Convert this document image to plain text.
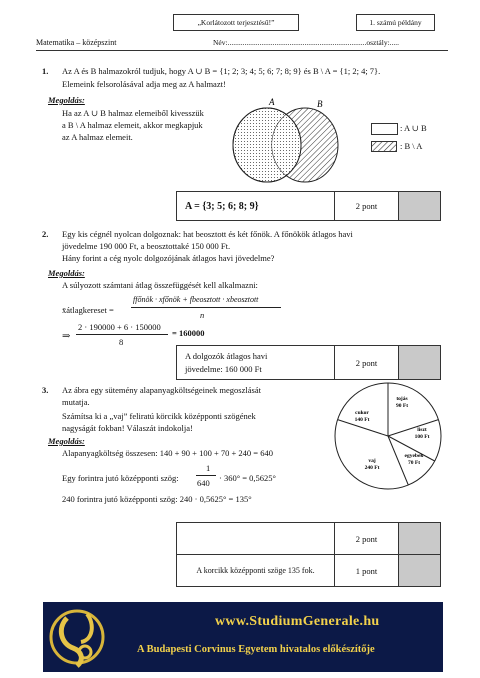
„Korlátozott terjesztésű!”	1. számú példány
Matematika – középszint	Név:..........................................................................osztály:.....
1. Az A és B halmazokról tudjuk, hogy A ∪ B = {1; 2; 3; 4; 5; 6; 7; 8; 9} és B \ A = {1; 2; 4; 7}.
Elemeink felsorolásával adja meg az A halmazt!
Megoldás:
Ha az A ∪ B halmaz elemeiből kivesszük
a B \ A halmaz elemeit, akkor megkapjuk
az A halmaz elemeit.
A	B
: A ∪ B
: B \ A
A = {3; 5; 6; 8; 9}	2 pont
2. Egy kis cégnél nyolcan dolgoznak: hat beosztott és két főnök. A főnökök átlagos havi
jövedelme 190 000 Ft, a beosztottaké 150 000 Ft.
Hány forint a cég nyolc dolgozójának átlagos havi jövedelme?
Megoldás:
A súlyozott számtani átlag összefüggését kell alkalmazni:
x̄átlagkereset =
ffőnök · xfőnök + fbeosztott · xbeosztott
n
⇒
2 · 190000 + 6 · 150000
8
= 160000
A dolgozók átlagos havi
jövedelme: 160 000 Ft
2 pont
3. Az ábra egy sütemény alapanyagköltségeinek megoszlását
mutatja.
Számítsa ki a „vaj” feliratú körcikk középponti szögének
nagyságát fokban! Válaszát indokolja!
Megoldás:
Alapanyagköltség összesen: 140 + 90 + 100 + 70 + 240 = 640
Egy forintra jutó középponti szög:
1
640 · 360° = 0,5625°
240 forintra jutó középponti szög: 240 · 0,5625° = 135°
tojás
90 Ft
liszt
100 Ft
egyebek
70 Ft
vaj
240 Ft
cukor
140 Ft
2 pont
A korcikk középponti szöge 135 fok.	1 pont
www.StudiumGenerale.hu
A Budapesti Corvinus Egyetem hivatalos előkészítője
